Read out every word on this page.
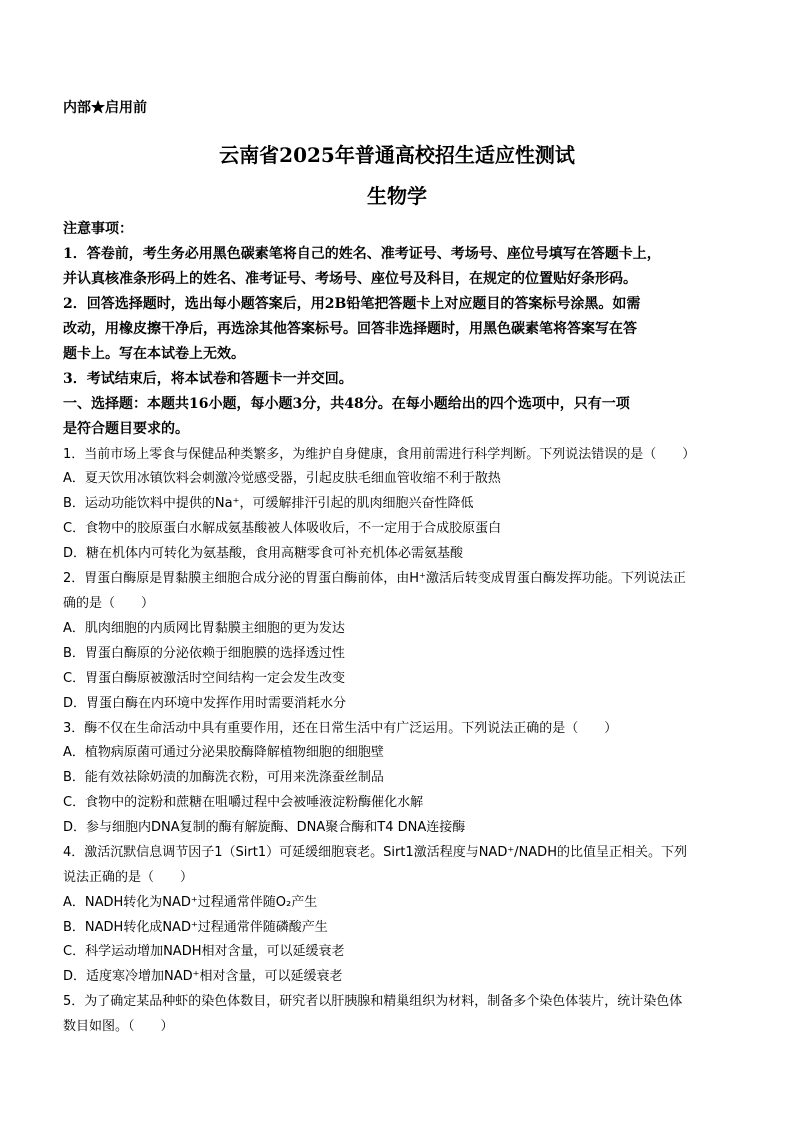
内部★启用前
云南省2025年普通高校招生适应性测试
生物学
注意事项：
1．答卷前，考生务必用黑色碳素笔将自己的姓名、准考证号、考场号、座位号填写在答题卡上，
并认真核准条形码上的姓名、准考证号、考场号、座位号及科目，在规定的位置贴好条形码。
2．回答选择题时，选出每小题答案后，用2B铅笔把答题卡上对应题目的答案标号涂黑。如需
改动，用橡皮擦干净后，再选涂其他答案标号。回答非选择题时，用黑色碳素笔将答案写在答
题卡上。写在本试卷上无效。
3．考试结束后，将本试卷和答题卡一并交回。
一、选择题：本题共16小题，每小题3分，共48分。在每小题给出的四个选项中，只有一项
是符合题目要求的。
1．当前市场上零食与保健品种类繁多，为维护自身健康，食用前需进行科学判断。下列说法错误的是（　　）
A．夏天饮用冰镇饮料会刺激冷觉感受器，引起皮肤毛细血管收缩不利于散热
B．运动功能饮料中提供的Na⁺，可缓解排汗引起的肌肉细胞兴奋性降低
C．食物中的胶原蛋白水解成氨基酸被人体吸收后，不一定用于合成胶原蛋白
D．糖在机体内可转化为氨基酸，食用高糖零食可补充机体必需氨基酸
2．胃蛋白酶原是胃黏膜主细胞合成分泌的胃蛋白酶前体，由H⁺激活后转变成胃蛋白酶发挥功能。下列说法正
确的是（　　）
A．肌肉细胞的内质网比胃黏膜主细胞的更为发达
B．胃蛋白酶原的分泌依赖于细胞膜的选择透过性
C．胃蛋白酶原被激活时空间结构一定会发生改变
D．胃蛋白酶在内环境中发挥作用时需要消耗水分
3．酶不仅在生命活动中具有重要作用，还在日常生活中有广泛运用。下列说法正确的是（　　）
A．植物病原菌可通过分泌果胶酶降解植物细胞的细胞壁
B．能有效祛除奶渍的加酶洗衣粉，可用来洗涤蚕丝制品
C．食物中的淀粉和蔗糖在咀嚼过程中会被唾液淀粉酶催化水解
D．参与细胞内DNA复制的酶有解旋酶、DNA聚合酶和T4 DNA连接酶
4．激活沉默信息调节因子1（Sirt1）可延缓细胞衰老。Sirt1激活程度与NAD⁺/NADH的比值呈正相关。下列
说法正确的是（　　）
A．NADH转化为NAD⁺过程通常伴随O₂产生
B．NADH转化成NAD⁺过程通常伴随磷酸产生
C．科学运动增加NADH相对含量，可以延缓衰老
D．适度寒冷增加NAD⁺相对含量，可以延缓衰老
5．为了确定某品种虾的染色体数目，研究者以肝胰腺和精巢组织为材料，制备多个染色体装片，统计染色体
数目如图。（　　）
